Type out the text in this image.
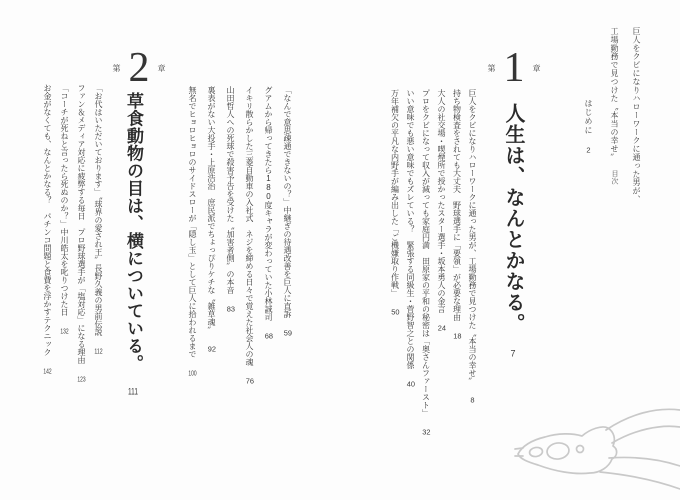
巨人をクビになりハローワークに通った男が、

工場勤務で見つけた〝本当の幸せ〟目次

はじめに2
第 1 章
人生は、なんとかなる。7

巨人をクビになりハローワークに通った男が、工場勤務で見つけた〝本当の幸せ〟8

持ち物検査をされても大丈夫　野球選手に「要領」が必要な理由18

大人の社交場・喫煙所で授かったスター選手・坂本勇人の金言24

プロをクビになって収入が減っても家庭円満　田原家の平和の秘密は「奥さんファースト」32

いい意味でも悪い意味でもズレている？　緊張する同級生・菅野智之との関係40

万年補欠の平凡な内野手が編み出した「ご機嫌取り作戦」50

「なんで意思疎通できないの？」中継ぎの待遇改善を巨人に直訴59

グアムから帰ってきたら180度キャラが変わっていた小林誠司68

イキリ散らかした三菱自動車の入社式　ネジを締める日々で覚えた社会人の魂76

山田哲人への死球で殺害予告を受けた〝加害者側〟の本音83

裏表がない大投手・上原浩治　庶民派でちょっぴりケチな〝雑草魂〟92

無名でヒョロヒョロのサイドスローが「隠し玉」として巨人に拾われるまで100

第 2 章
草食動物の目は、横についている。111

「お代はいただいております」〝球界の愛され王〟長野久義の男前伝説112

ファン＆メディア対応に疲弊する毎日　プロ野球選手が「塩対応」になる理由123

「コーチが死ねと言ったら死ぬのか？」中川皓太を叱りつけた日132

お金がなくても、なんとかなる？　パチンコ問題と食費を浮かすテクニック142
